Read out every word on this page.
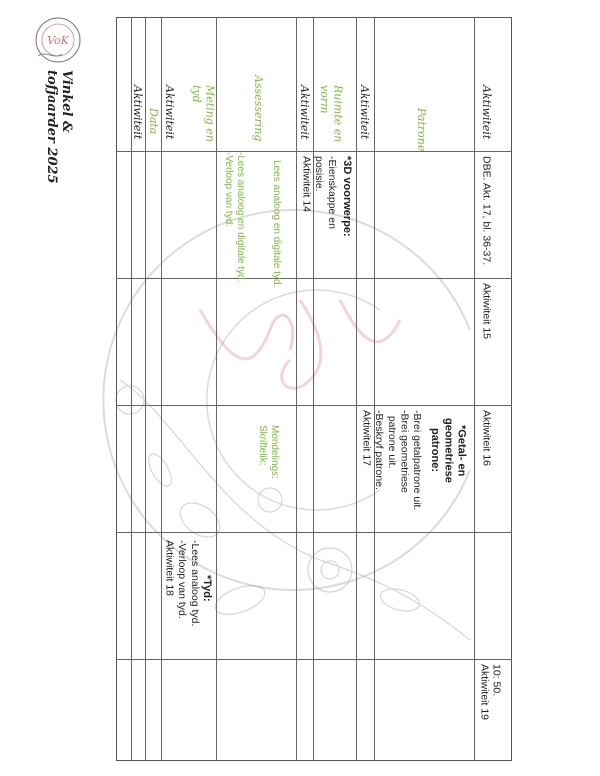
VoK
Vinkel & tofjaarder 2025	Aktiwiteit
Patrone
Aktiwiteit
Ruimte en
vorm
Aktiwiteit
Assessering
Meting en
tyd
Aktiwiteit
Data
Aktiwiteit
DBE. Akt. 17, bl. 36-37.
Aktiwiteit 15
Aktiwiteit 16
10: 50.
Aktiwiteit 19
*Getal- en
geometriese
patrone:
-Brei getalpatrone uit.
-Brei geometriese
patrone uit.
-Beskryf patrone.
Aktiwiteit 17
*3D voorwerpe:
-Eienskappe en
posisie.
Aktiwiteit 14
Lees analoog en digitale tyd.
Mondelings:
Skriftelik:
-Lees analoog en digitale tyd.
-Verloop van tyd.
*Tyd:
-Lees analoog tyd.
-Verloop van tyd.
Aktiwiteit 18
